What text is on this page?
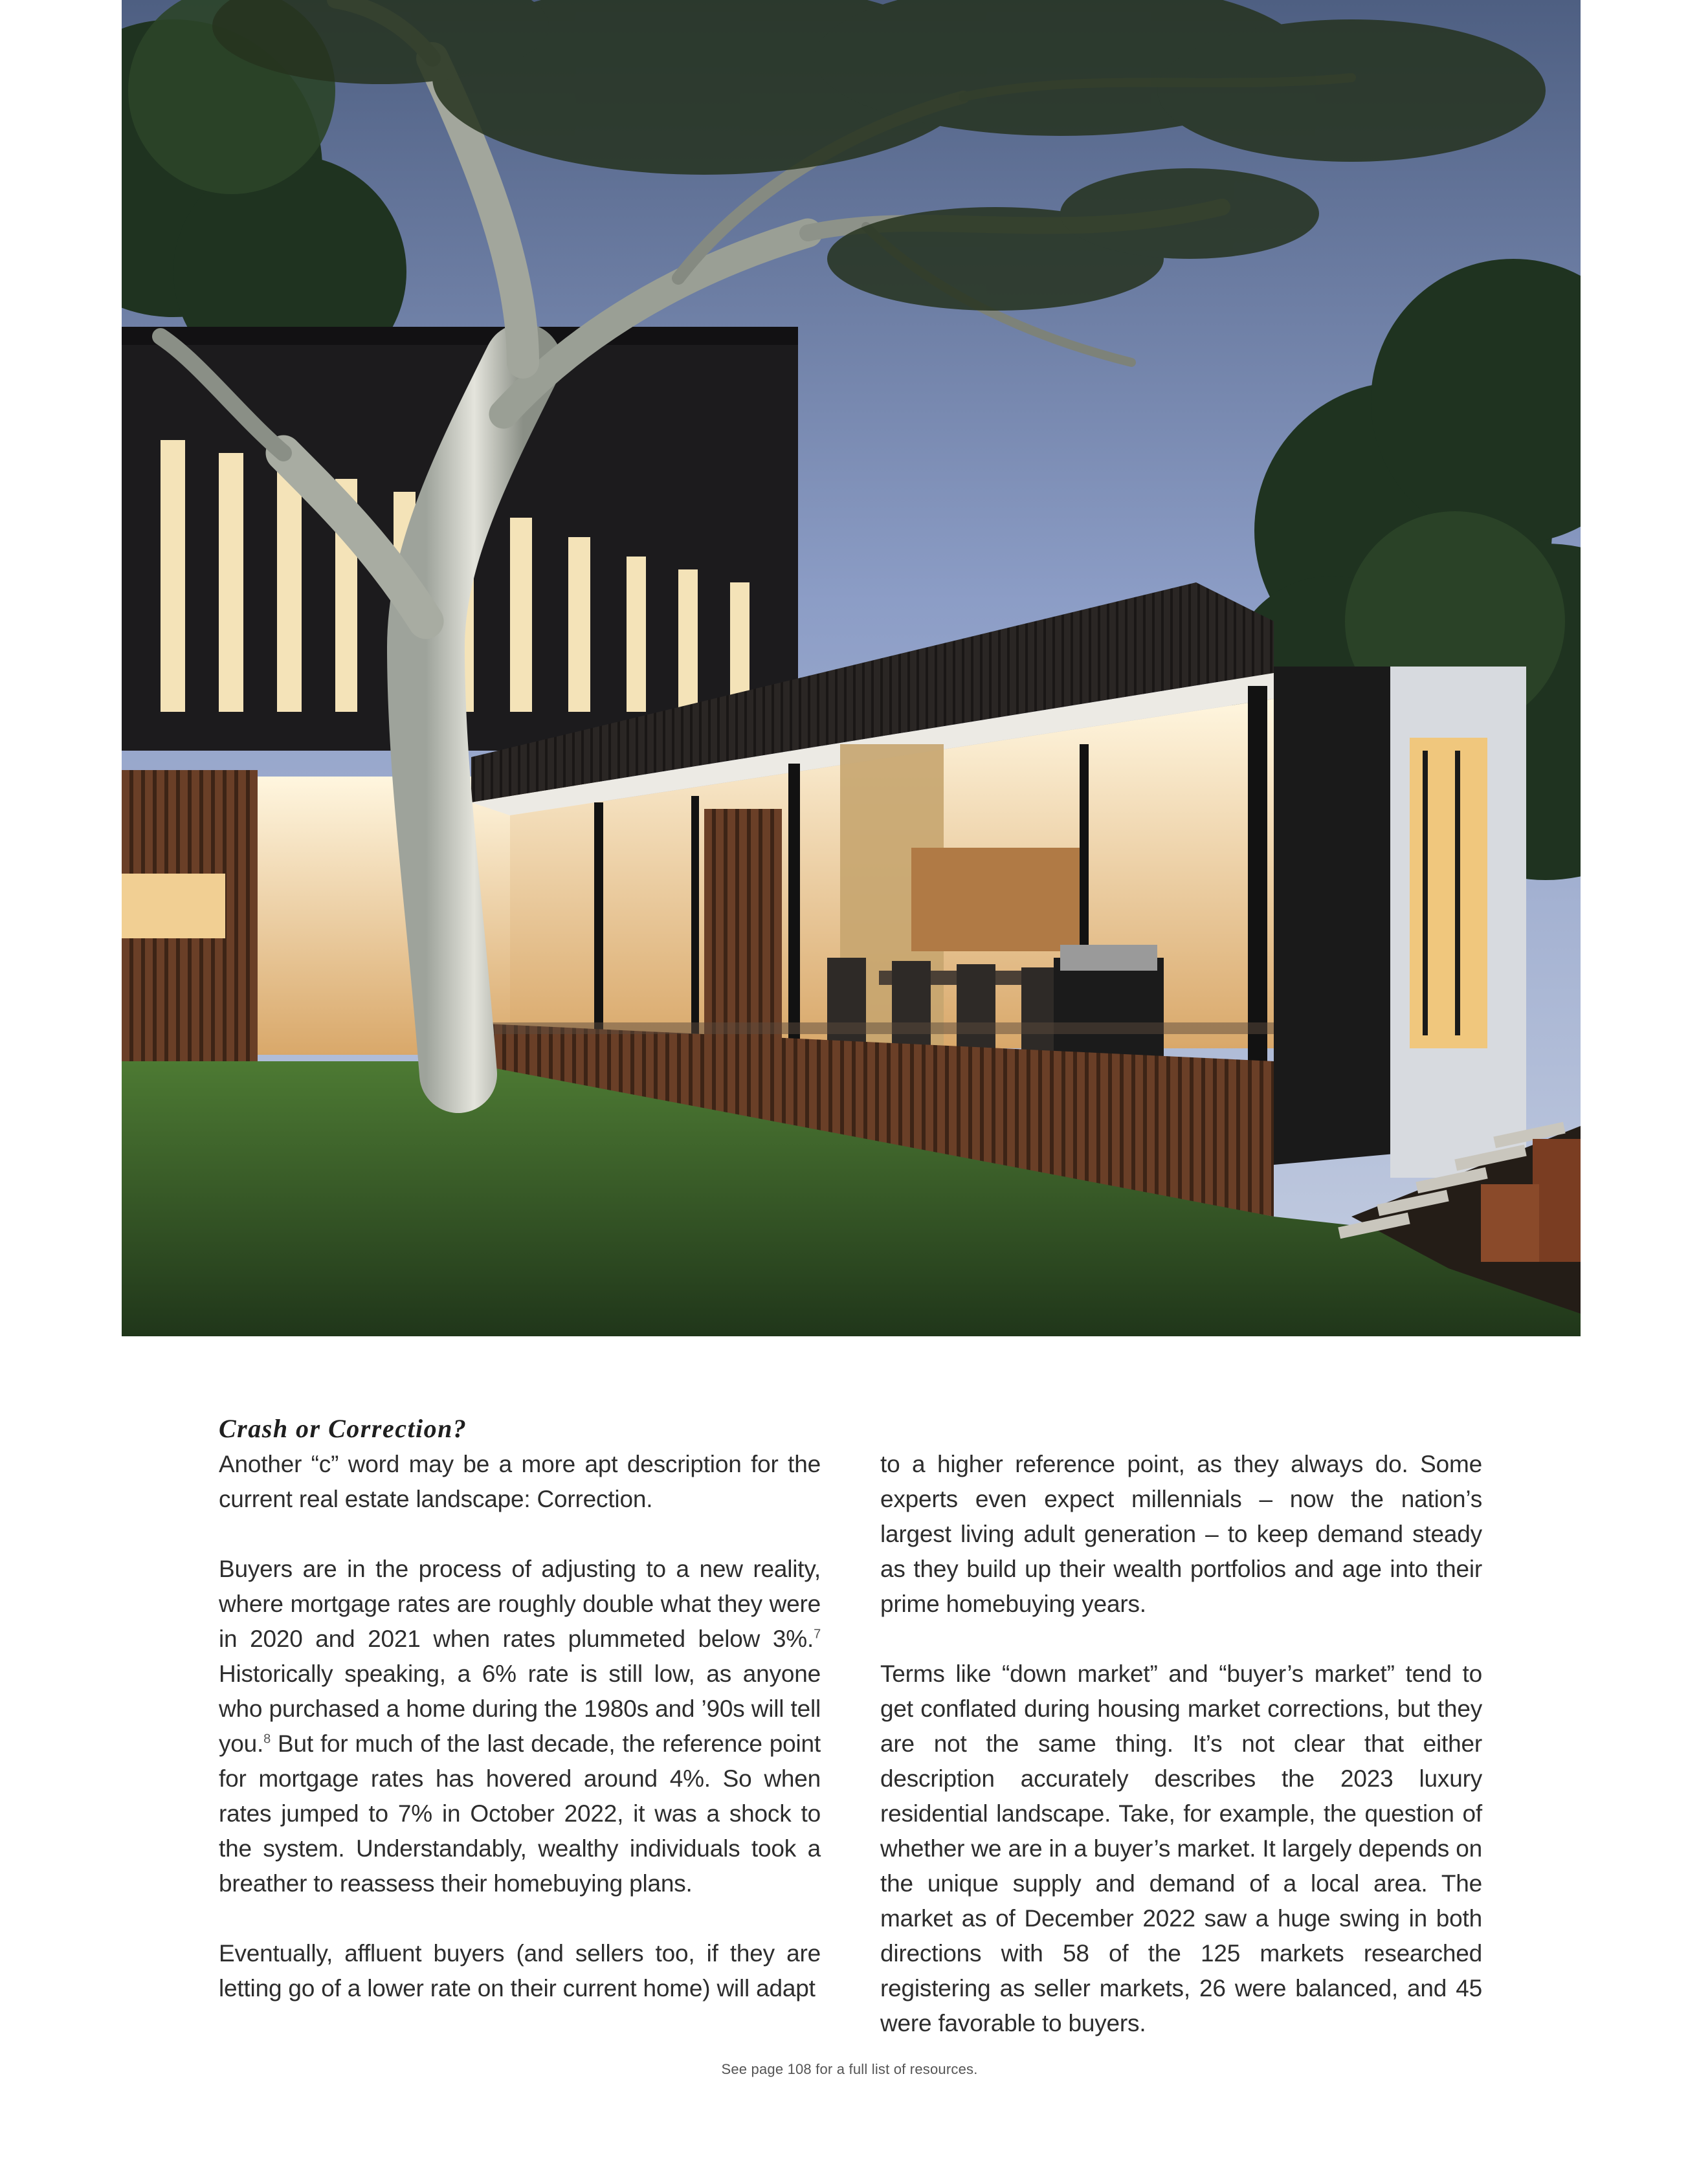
Crash or Correction?

Another “c” word may be a more apt description for the current real estate landscape: Correction.

Buyers are in the process of adjusting to a new reality, where mortgage rates are roughly double what they were in 2020 and 2021 when rates plummeted below 3%.$^7$ Historically speaking, a 6% rate is still low, as anyone who purchased a home during the 1980s and ’90s will tell you.$^8$ But for much of the last decade, the reference point for mortgage rates has hovered around 4%. So when rates jumped to 7% in October 2022, it was a shock to the system. Understandably, wealthy individuals took a breather to reassess their homebuying plans.

Eventually, affluent buyers (and sellers too, if they are letting go of a lower rate on their current home) will adapt

to a higher reference point, as they always do. Some experts even expect millennials – now the nation’s largest living adult generation – to keep demand steady as they build up their wealth portfolios and age into their prime homebuying years.

Terms like “down market” and “buyer’s market” tend to get conflated during housing market corrections, but they are not the same thing. It’s not clear that either description accurately describes the 2023 luxury residential landscape. Take, for example, the question of whether we are in a buyer’s market. It largely depends on the unique supply and demand of a local area. The market as of December 2022 saw a huge swing in both directions with 58 of the 125 markets researched registering as seller markets, 26 were balanced, and 45 were favorable to buyers.

See page 108 for a full list of resources.
